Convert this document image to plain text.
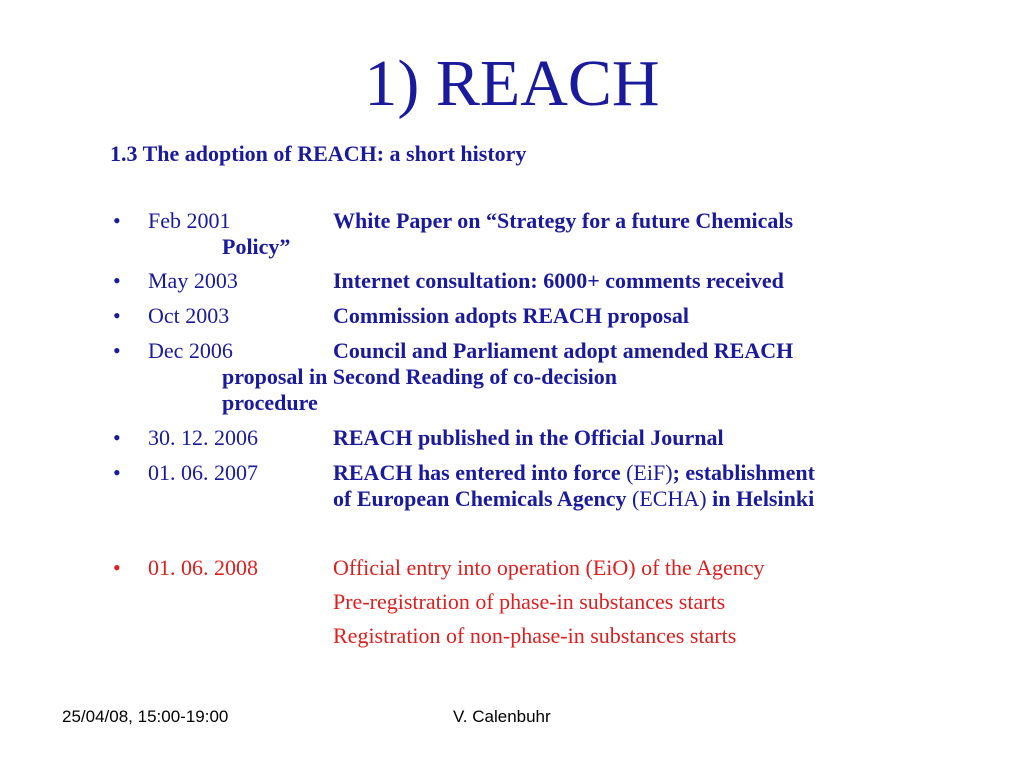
1) REACH
1.3 The adoption of REACH: a short history
• Feb 2001	White Paper on “Strategy for a future Chemicals
Policy”
• May 2003	Internet consultation: 6000+ comments received
• Oct 2003	Commission adopts REACH proposal
• Dec 2006	Council and Parliament adopt amended REACH
proposal in Second Reading of co-decision
procedure
• 30. 12. 2006	REACH published in the Official Journal
• 01. 06. 2007	REACH has entered into force (EiF); establishment
of European Chemicals Agency (ECHA) in Helsinki
• 01. 06. 2008	Official entry into operation (EiO) of the Agency
Pre-registration of phase-in substances starts
Registration of non-phase-in substances starts
25/04/08, 15:00-19:00	V. Calenbuhr
